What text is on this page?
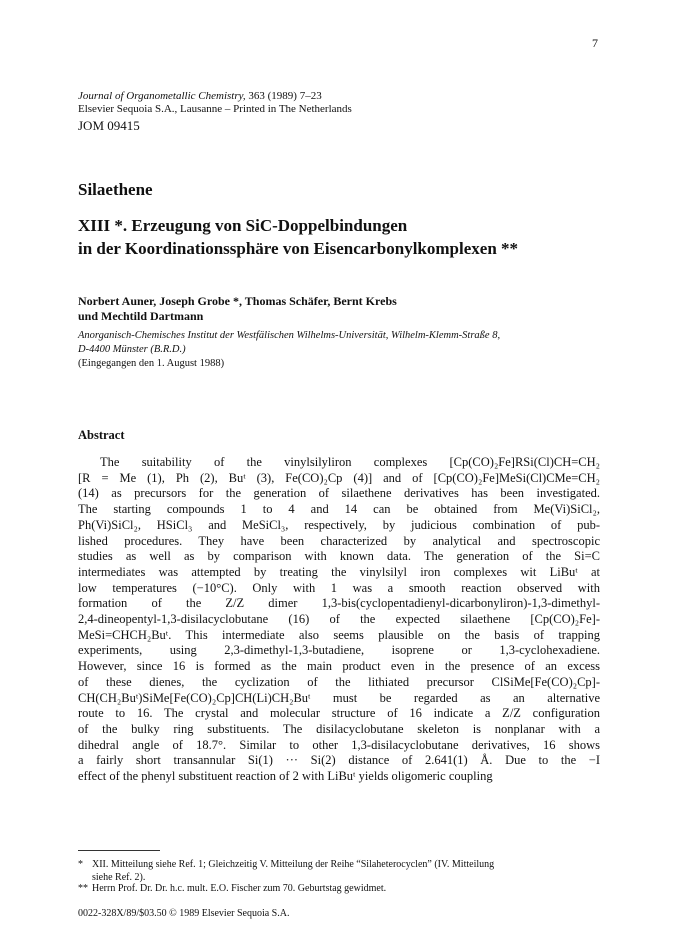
7
Journal of Organometallic Chemistry, 363 (1989) 7–23
Elsevier Sequoia S.A., Lausanne – Printed in The Netherlands
JOM 09415
Silaethene
XIII *. Erzeugung von SiC-Doppelbindungen
in der Koordinationssphäre von Eisencarbonylkomplexen **
Norbert Auner, Joseph Grobe *, Thomas Schäfer, Bernt Krebs
und Mechtild Dartmann
Anorganisch-Chemisches Institut der Westfälischen Wilhelms-Universität, Wilhelm-Klemm-Straße 8,
D-4400 Münster (B.R.D.)
(Eingegangen den 1. August 1988)
Abstract
The suitability of the vinylsilyliron complexes [Cp(CO)₂Fe]RSi(Cl)CH=CH₂
[R = Me (1), Ph (2), Buᵗ (3), Fe(CO)₂Cp (4)] and of [Cp(CO)₂Fe]MeSi(Cl)CMe=CH₂
(14) as precursors for the generation of silaethene derivatives has been investigated.
The starting compounds 1 to 4 and 14 can be obtained from Me(Vi)SiCl₂,
Ph(Vi)SiCl₂, HSiCl₃ and MeSiCl₃, respectively, by judicious combination of pub-
lished procedures. They have been characterized by analytical and spectroscopic
studies as well as by comparison with known data. The generation of the Si=C
intermediates was attempted by treating the vinylsilyl iron complexes wit LiBuᵗ at
low temperatures (−10°C). Only with 1 was a smooth reaction observed with
formation of the Z/Z dimer 1,3-bis(cyclopentadienyl-dicarbonyliron)-1,3-dimethyl-
2,4-dineopentyl-1,3-disilacyclobutane (16) of the expected silaethene [Cp(CO)₂Fe]-
MeSi=CHCH₂Buᵗ. This intermediate also seems plausible on the basis of trapping
experiments, using 2,3-dimethyl-1,3-butadiene, isoprene or 1,3-cyclohexadiene.
However, since 16 is formed as the main product even in the presence of an excess
of these dienes, the cyclization of the lithiated precursor ClSiMe[Fe(CO)₂Cp]-
CH(CH₂Buᵗ)SiMe[Fe(CO)₂Cp]CH(Li)CH₂Buᵗ must be regarded as an alternative
route to 16. The crystal and molecular structure of 16 indicate a Z/Z configuration
of the bulky ring substituents. The disilacyclobutane skeleton is nonplanar with a
dihedral angle of 18.7°. Similar to other 1,3-disilacyclobutane derivatives, 16 shows
a fairly short transannular Si(1) ··· Si(2) distance of 2.641(1) Å. Due to the −I
effect of the phenyl substituent reaction of 2 with LiBuᵗ yields oligomeric coupling
* XII. Mitteilung siehe Ref. 1; Gleichzeitig V. Mitteilung der Reihe “Silaheterocyclen” (IV. Mitteilung
siehe Ref. 2).
** Herrn Prof. Dr. Dr. h.c. mult. E.O. Fischer zum 70. Geburtstag gewidmet.
0022-328X/89/$03.50 © 1989 Elsevier Sequoia S.A.
